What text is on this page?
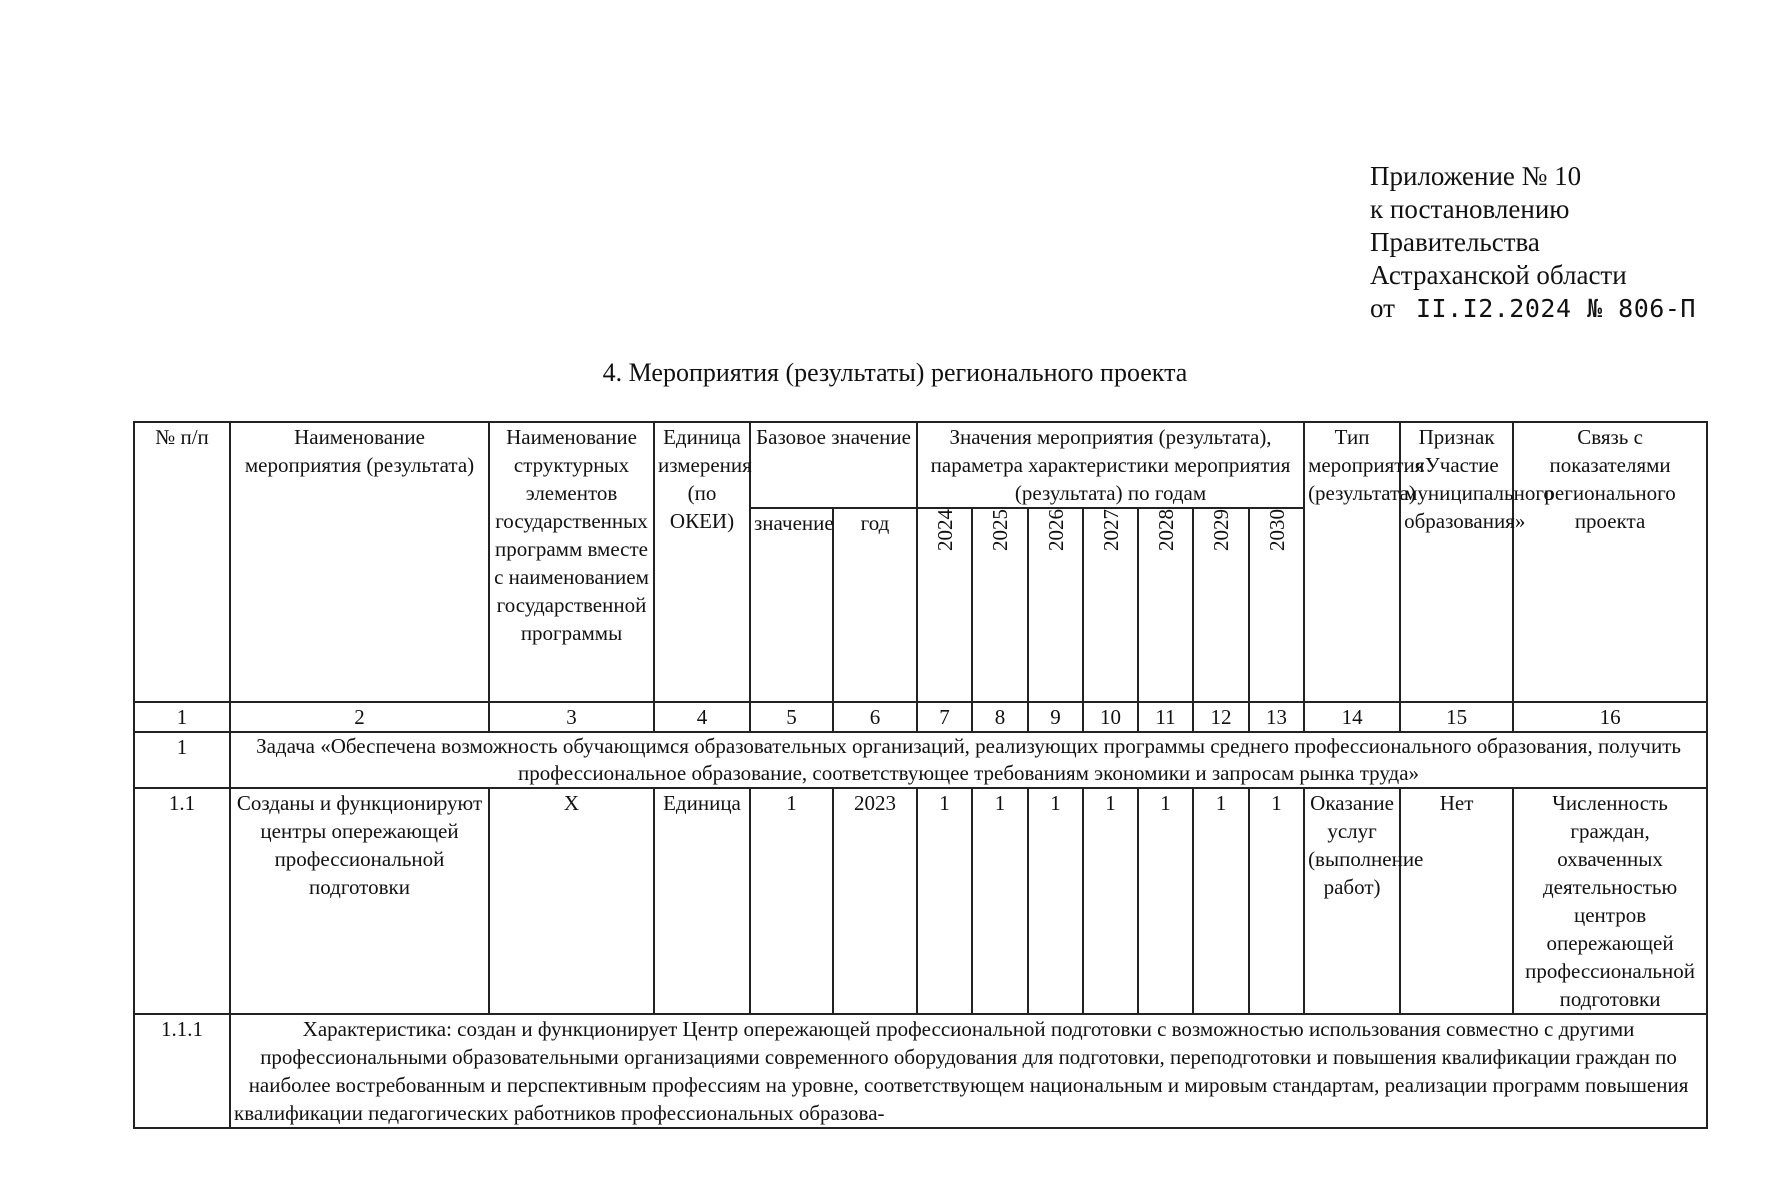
Приложение № 10
к постановлению
Правительства
Астраханской области
от II.I2.2024 № 806-П
4. Мероприятия (результаты) регионального проекта
№ п/п	Наименование мероприятия (результата)	Наименование структурных элементов государственных программ вместе с наименованием государственной программы	Единица измерения (по ОКЕИ)	Базовое значение		Значения мероприятия (результата), параметра характеристики мероприятия (результата) по годам							Тип мероприятия (результата)	Признак «Участие муниципального образования»	Связь с показателями регионального проекта
				значение	год	2024	2025	2026	2027	2028	2029	2030			
1	2	3	4	5	6	7	8	9	10	11	12	13	14	15	16
1	Задача «Обеспечена возможность обучающимся образовательных организаций, реализующих программы среднего профессионального образования, получить профессиональное образование, соответствующее требованиям экономики и запросам рынка труда»														
1.1	Созданы и функционируют центры опережающей профессиональной подготовки	Х	Единица	1	2023	1	1	1	1	1	1	1	Оказание услуг (выполнение работ)	Нет	Численность граждан, охваченных деятельностью центров опережающей профессиональной подготовки
1.1.1	Характеристика: создан и функционирует Центр опережающей профессиональной подготовки с возможностью использования совместно с другими профессиональными образовательными организациями современного оборудования для подготовки, переподготовки и повышения квалификации граждан по наиболее востребованным и перспективным профессиям на уровне, соответствующем национальным и мировым стандартам, реализации программ повышения квалификации педагогических работников профессиональных образова-														
